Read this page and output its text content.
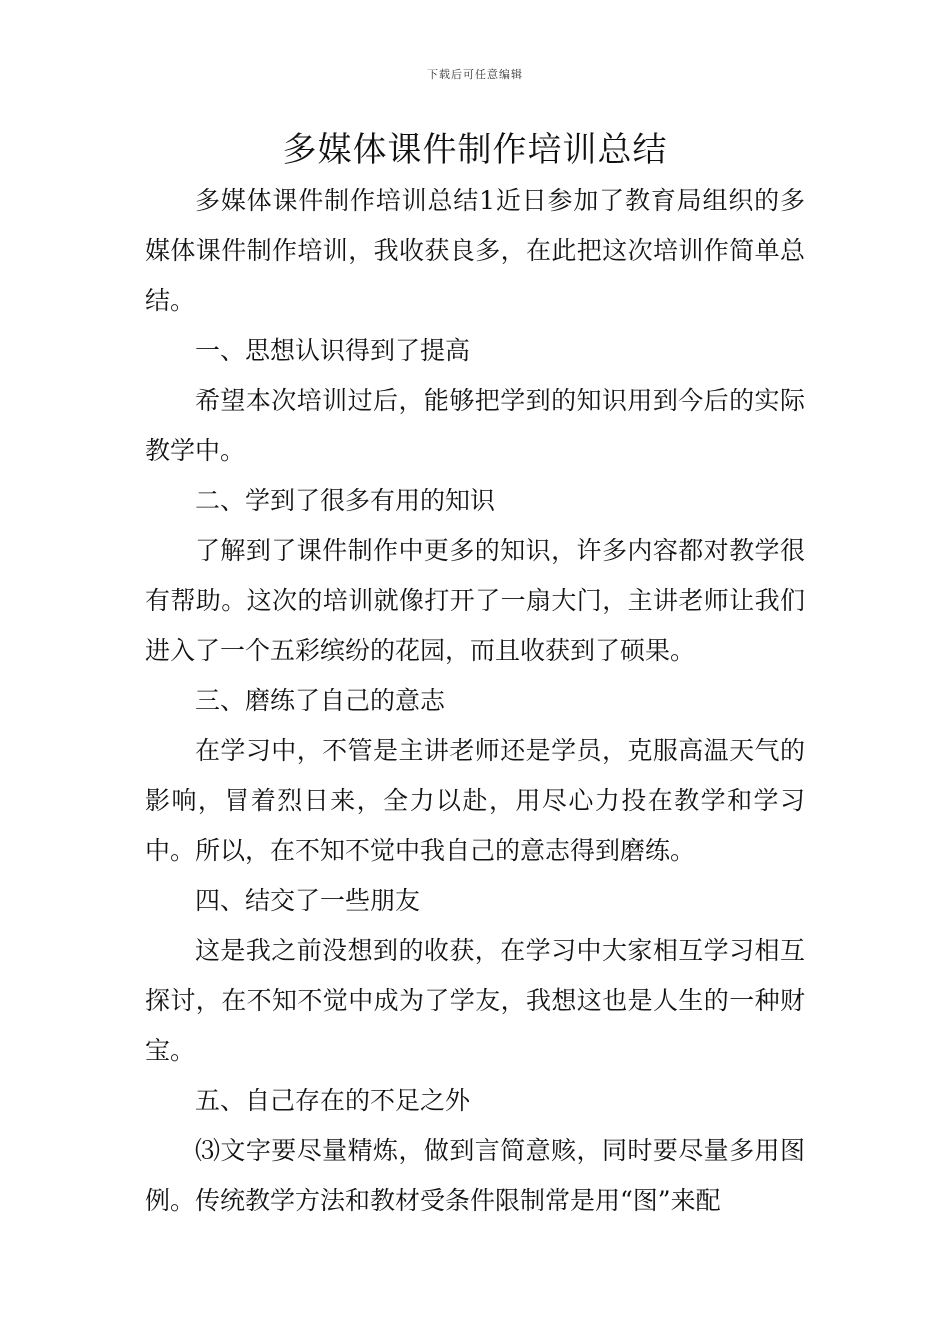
下载后可任意编辑
多媒体课件制作培训总结

多媒体课件制作培训总结1近日参加了教育局组织的多媒体课件制作培训，我收获良多，在此把这次培训作简单总结。

一、思想认识得到了提高

希望本次培训过后，能够把学到的知识用到今后的实际教学中。

二、学到了很多有用的知识

了解到了课件制作中更多的知识，许多内容都对教学很有帮助。这次的培训就像打开了一扇大门，主讲老师让我们进入了一个五彩缤纷的花园，而且收获到了硕果。

三、磨练了自己的意志

在学习中，不管是主讲老师还是学员，克服高温天气的影响，冒着烈日来，全力以赴，用尽心力投在教学和学习中。所以，在不知不觉中我自己的意志得到磨练。

四、结交了一些朋友

这是我之前没想到的收获，在学习中大家相互学习相互探讨，在不知不觉中成为了学友，我想这也是人生的一种财宝。

五、自己存在的不足之外

⑶文字要尽量精炼，做到言简意赅，同时要尽量多用图例。传统教学方法和教材受条件限制常是用“图”来配
